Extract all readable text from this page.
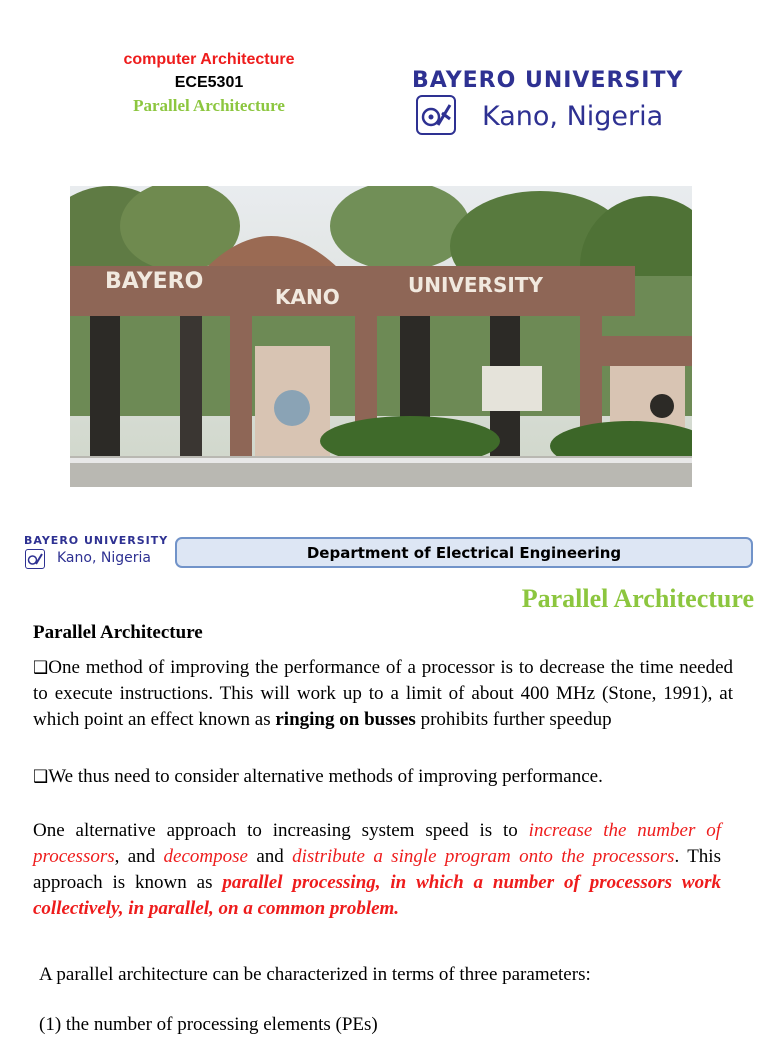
computer Architecture
ECE5301
Parallel Architecture
BAYERO UNIVERSITY
Kano, Nigeria
BAYERO
KANO	UNIVERSITY
BAYERO UNIVERSITY
Kano, Nigeria	Department of Electrical Engineering
Parallel Architecture
Parallel Architecture
❑One method of improving the performance of a processor is to decrease the time needed to execute instructions. This will work up to a limit of about 400 MHz (Stone, 1991), at which point an effect known as ringing on busses prohibits further speedup
❑We thus need to consider alternative methods of improving performance.
One alternative approach to increasing system speed is to increase the number of processors, and decompose and distribute a single program onto the processors. This approach is known as parallel processing, in which a number of processors work collectively, in parallel, on a common problem.
A parallel architecture can be characterized in terms of three parameters:
(1) the number of processing elements (PEs)
